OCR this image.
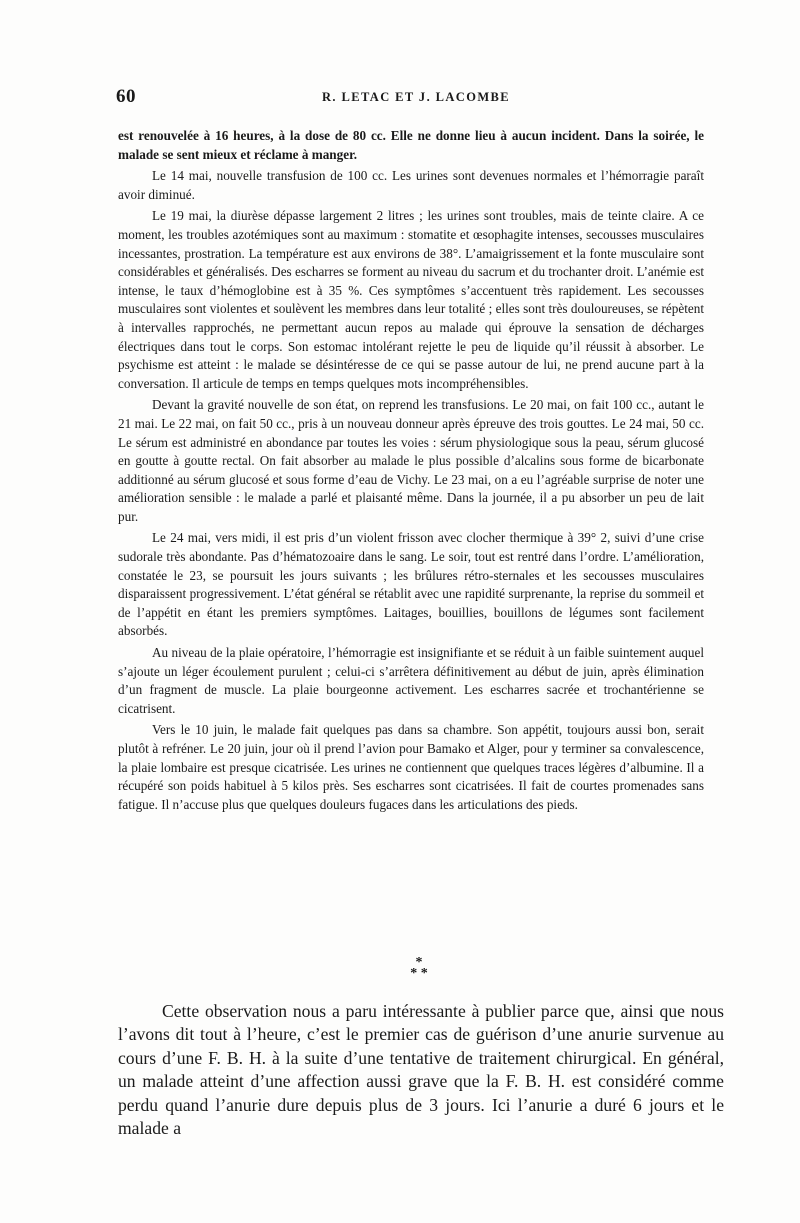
60	R. LETAC ET J. LACOMBE

est renouvelée à 16 heures, à la dose de 80 cc. Elle ne donne lieu à aucun incident. Dans la soirée, le malade se sent mieux et réclame à manger.

Le 14 mai, nouvelle transfusion de 100 cc. Les urines sont devenues normales et l’hémorragie paraît avoir diminué.

Le 19 mai, la diurèse dépasse largement 2 litres ; les urines sont troubles, mais de teinte claire. A ce moment, les troubles azotémiques sont au maximum : stomatite et œsophagite intenses, secousses musculaires incessantes, prostration. La température est aux environs de 38°. L’amaigrissement et la fonte musculaire sont considérables et généralisés. Des escharres se forment au niveau du sacrum et du trochanter droit. L’anémie est intense, le taux d’hémoglobine est à 35 %. Ces symptômes s’accentuent très rapidement. Les secousses musculaires sont violentes et soulèvent les membres dans leur totalité ; elles sont très douloureuses, se répètent à intervalles rapprochés, ne permettant aucun repos au malade qui éprouve la sensation de décharges électriques dans tout le corps. Son estomac intolérant rejette le peu de liquide qu’il réussit à absorber. Le psychisme est atteint : le malade se désintéresse de ce qui se passe autour de lui, ne prend aucune part à la conversation. Il articule de temps en temps quelques mots incompréhensibles.

Devant la gravité nouvelle de son état, on reprend les transfusions. Le 20 mai, on fait 100 cc., autant le 21 mai. Le 22 mai, on fait 50 cc., pris à un nouveau donneur après épreuve des trois gouttes. Le 24 mai, 50 cc. Le sérum est administré en abondance par toutes les voies : sérum physiologique sous la peau, sérum glucosé en goutte à goutte rectal. On fait absorber au malade le plus possible d’alcalins sous forme de bicarbonate additionné au sérum glucosé et sous forme d’eau de Vichy. Le 23 mai, on a eu l’agréable surprise de noter une amélioration sensible : le malade a parlé et plaisanté même. Dans la journée, il a pu absorber un peu de lait pur.

Le 24 mai, vers midi, il est pris d’un violent frisson avec clocher thermique à 39° 2, suivi d’une crise sudorale très abondante. Pas d’hématozoaire dans le sang. Le soir, tout est rentré dans l’ordre. L’amélioration, constatée le 23, se poursuit les jours suivants ; les brûlures rétro-sternales et les secousses musculaires disparaissent progressivement. L’état général se rétablit avec une rapidité surprenante, la reprise du sommeil et de l’appétit en étant les premiers symptômes. Laitages, bouillies, bouillons de légumes sont facilement absorbés.

Au niveau de la plaie opératoire, l’hémorragie est insignifiante et se réduit à un faible suintement auquel s’ajoute un léger écoulement purulent ; celui-ci s’arrêtera définitivement au début de juin, après élimination d’un fragment de muscle. La plaie bourgeonne activement. Les escharres sacrée et trochantérienne se cicatrisent.

Vers le 10 juin, le malade fait quelques pas dans sa chambre. Son appétit, toujours aussi bon, serait plutôt à refréner. Le 20 juin, jour où il prend l’avion pour Bamako et Alger, pour y terminer sa convalescence, la plaie lombaire est presque cicatrisée. Les urines ne contiennent que quelques traces légères d’albumine. Il a récupéré son poids habituel à 5 kilos près. Ses escharres sont cicatrisées. Il fait de courtes promenades sans fatigue. Il n’accuse plus que quelques douleurs fugaces dans les articulations des pieds.

*
* *

Cette observation nous a paru intéressante à publier parce que, ainsi que nous l’avons dit tout à l’heure, c’est le premier cas de guérison d’une anurie survenue au cours d’une F. B. H. à la suite d’une tentative de traitement chirurgical. En général, un malade atteint d’une affection aussi grave que la F. B. H. est considéré comme perdu quand l’anurie dure depuis plus de 3 jours. Ici l’anurie a duré 6 jours et le malade a
